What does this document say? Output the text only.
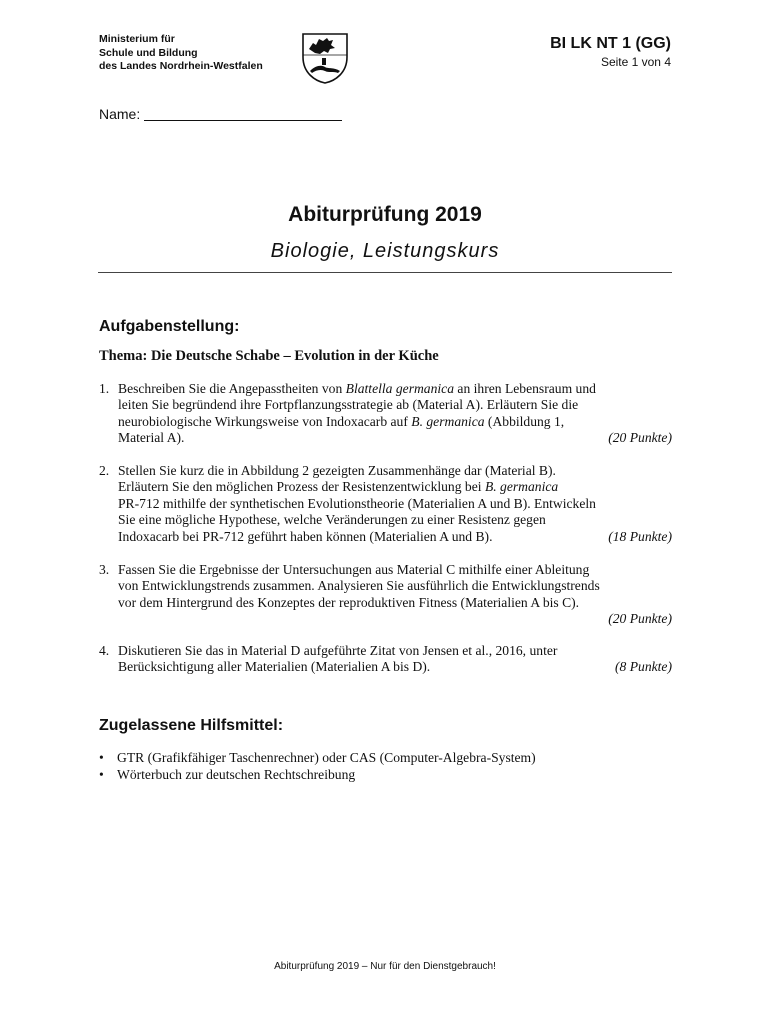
Ministerium für
Schule und Bildung
des Landes Nordrhein-Westfalen
BI LK NT 1 (GG)
Seite 1 von 4
Name:
Abiturprüfung 2019
Biologie, Leistungskurs
Aufgabenstellung:
Thema: Die Deutsche Schabe – Evolution in der Küche
1. Beschreiben Sie die Angepasstheiten von Blattella germanica an ihren Lebensraum und
leiten Sie begründend ihre Fortpflanzungsstrategie ab (Material A). Erläutern Sie die
neurobiologische Wirkungsweise von Indoxacarb auf B. germanica (Abbildung 1,
(20 Punkte)
Material A).
2. Stellen Sie kurz die in Abbildung 2 gezeigten Zusammenhänge dar (Material B).
Erläutern Sie den möglichen Prozess der Resistenzentwicklung bei B. germanica
PR-712 mithilfe der synthetischen Evolutionstheorie (Materialien A und B). Entwickeln
Sie eine mögliche Hypothese, welche Veränderungen zu einer Resistenz gegen
(18 Punkte)
Indoxacarb bei PR-712 geführt haben können (Materialien A und B).
3. Fassen Sie die Ergebnisse der Untersuchungen aus Material C mithilfe einer Ableitung
von Entwicklungstrends zusammen. Analysieren Sie ausführlich die Entwicklungstrends
vor dem Hintergrund des Konzeptes der reproduktiven Fitness (Materialien A bis C).
(20 Punkte)

4. Diskutieren Sie das in Material D aufgeführte Zitat von Jensen et al., 2016, unter
(8 Punkte)
Berücksichtigung aller Materialien (Materialien A bis D).
Zugelassene Hilfsmittel:
• GTR (Grafikfähiger Taschenrechner) oder CAS (Computer-Algebra-System)
• Wörterbuch zur deutschen Rechtschreibung
Abiturprüfung 2019 – Nur für den Dienstgebrauch!
